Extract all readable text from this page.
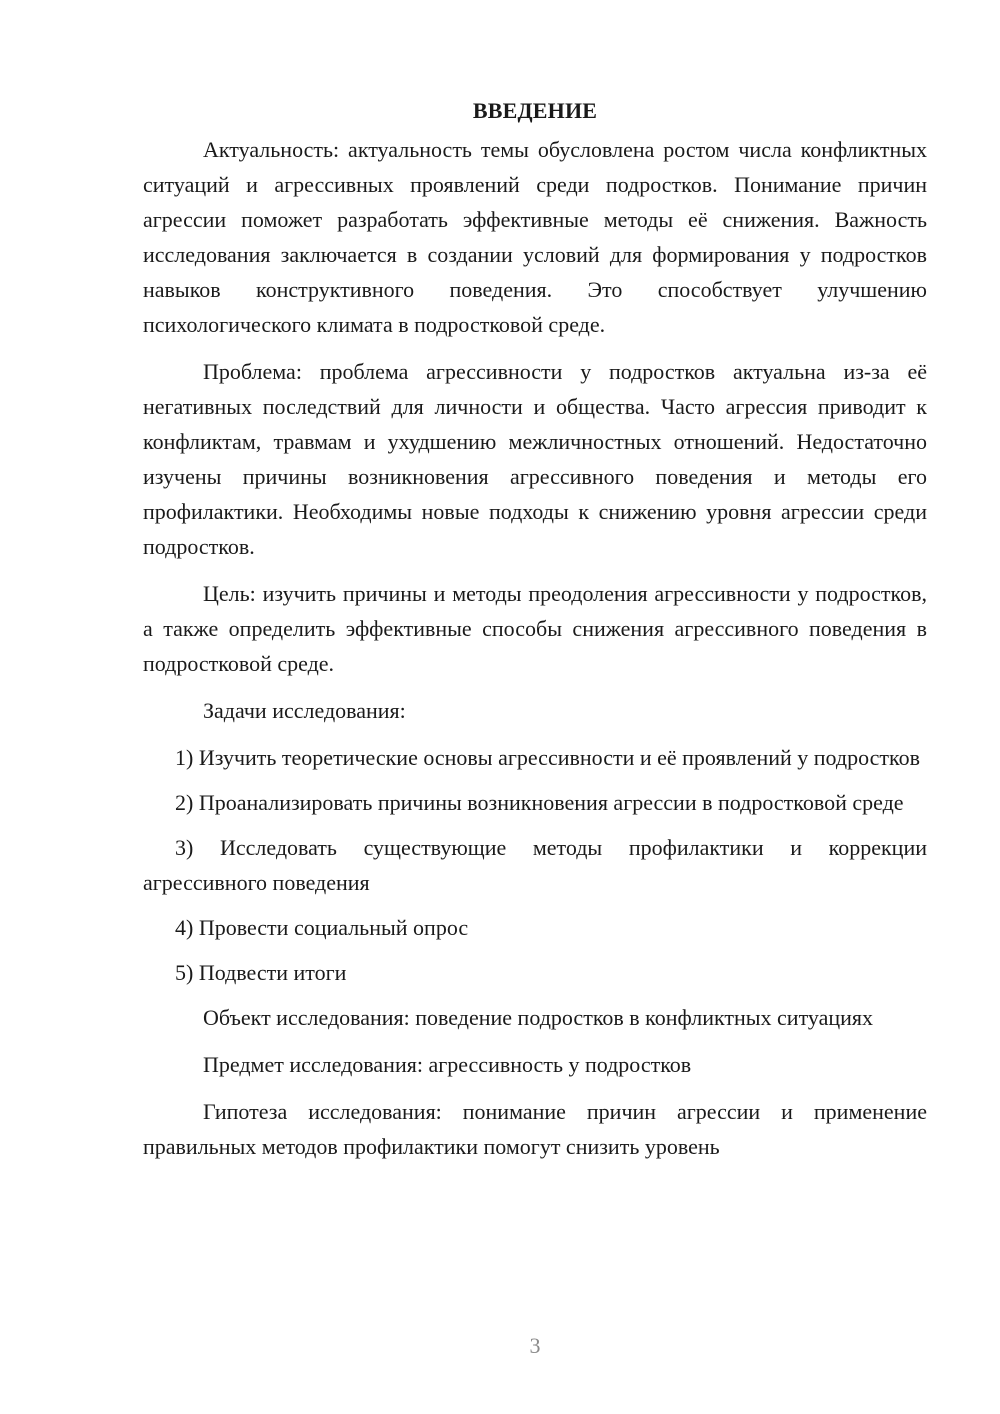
ВВЕДЕНИЕ

Актуальность: актуальность темы обусловлена ростом числа конфликтных ситуаций и агрессивных проявлений среди подростков. Понимание причин агрессии поможет разработать эффективные методы её снижения. Важность исследования заключается в создании условий для формирования у подростков навыков конструктивного поведения. Это способствует улучшению психологического климата в подростковой среде.

Проблема: проблема агрессивности у подростков актуальна из-за её негативных последствий для личности и общества. Часто агрессия приводит к конфликтам, травмам и ухудшению межличностных отношений. Недостаточно изучены причины возникновения агрессивного поведения и методы его профилактики. Необходимы новые подходы к снижению уровня агрессии среди подростков.

Цель: изучить причины и методы преодоления агрессивности у подростков, а также определить эффективные способы снижения агрессивного поведения в подростковой среде.

Задачи исследования:

1) Изучить теоретические основы агрессивности и её проявлений у подростков

2) Проанализировать причины возникновения агрессии в подростковой среде

3) Исследовать существующие методы профилактики и коррекции агрессивного поведения

4) Провести социальный опрос

5) Подвести итоги

Объект исследования: поведение подростков в конфликтных ситуациях

Предмет исследования: агрессивность у подростков

Гипотеза исследования: понимание причин агрессии и применение правильных методов профилактики помогут снизить уровень

3
